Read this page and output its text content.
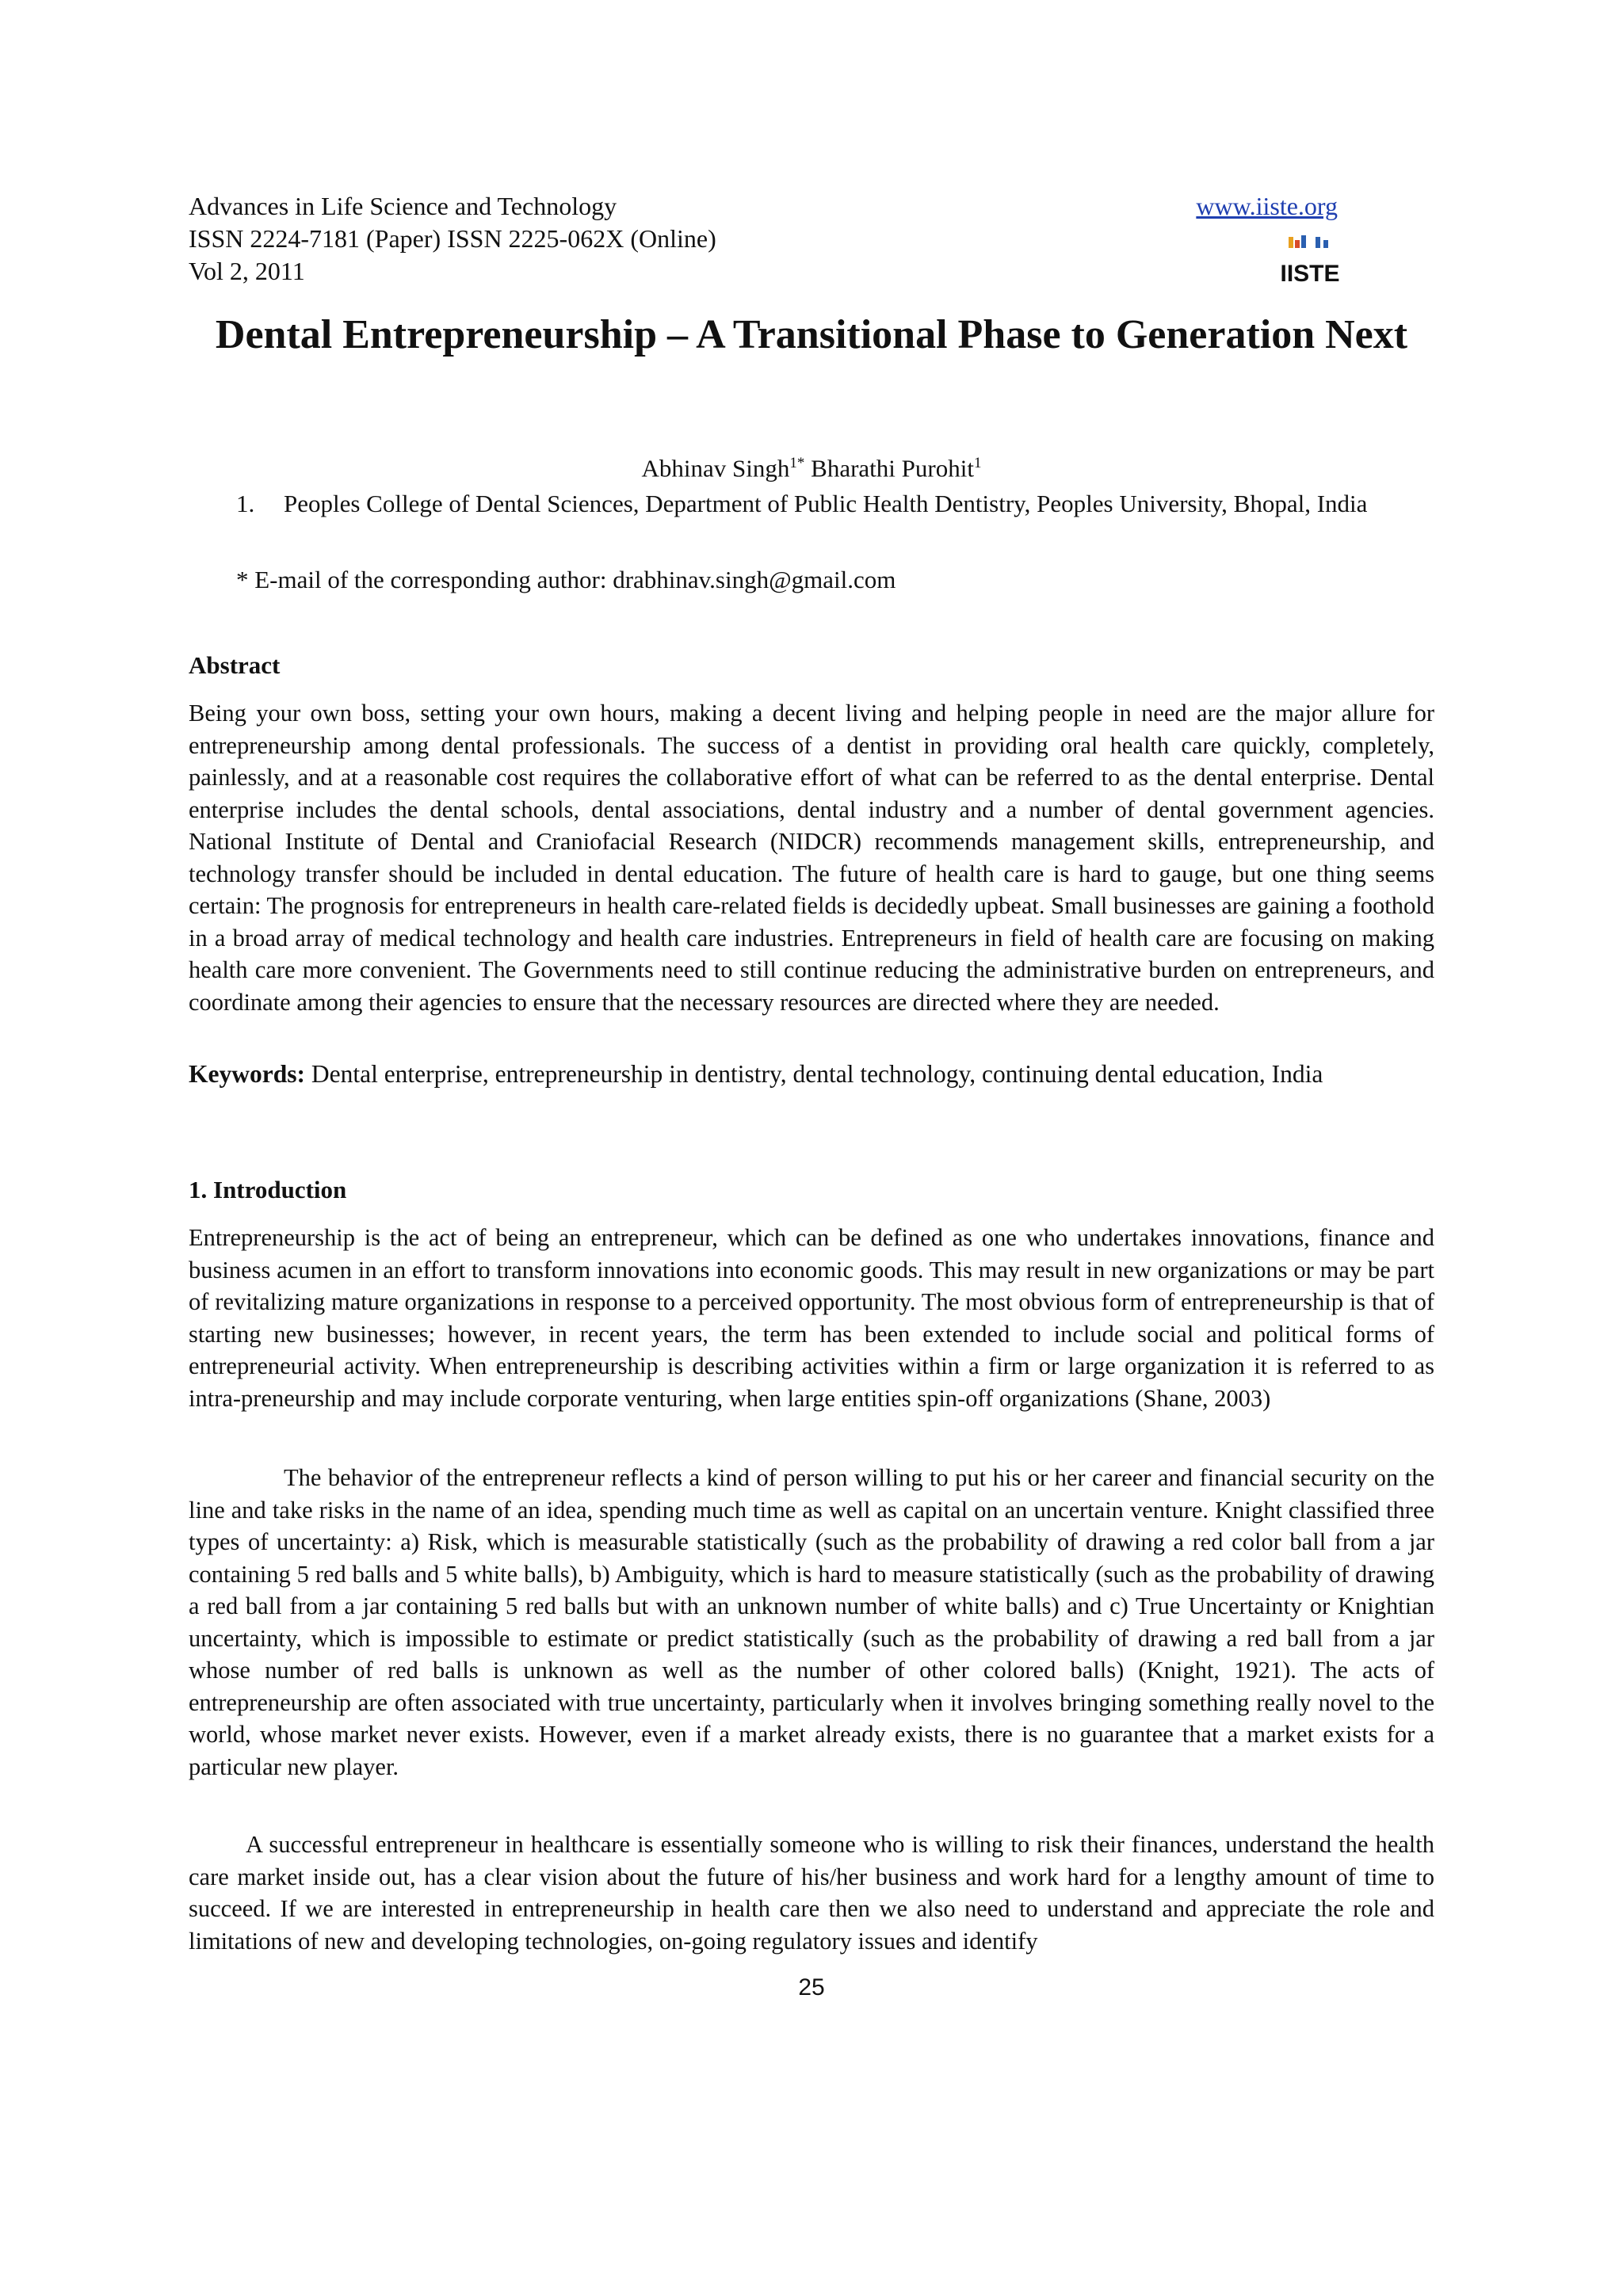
Advances in Life Science and Technology
ISSN 2224-7181 (Paper) ISSN 2225-062X (Online)
Vol 2, 2011
www.iiste.org
IISTE
Dental Entrepreneurship – A Transitional Phase to Generation Next
Abhinav Singh$^{1*}$ Bharathi Purohit$^1$
1. Peoples College of Dental Sciences, Department of Public Health Dentistry, Peoples University, Bhopal, India
* E-mail of the corresponding author: drabhinav.singh@gmail.com
Abstract
Being your own boss, setting your own hours, making a decent living and helping people in need are the major allure for entrepreneurship among dental professionals. The success of a dentist in providing oral health care quickly, completely, painlessly, and at a reasonable cost requires the collaborative effort of what can be referred to as the dental enterprise. Dental enterprise includes the dental schools, dental associations, dental industry and a number of dental government agencies. National Institute of Dental and Craniofacial Research (NIDCR) recommends management skills, entrepreneurship, and technology transfer should be included in dental education. The future of health care is hard to gauge, but one thing seems certain: The prognosis for entrepreneurs in health care-related fields is decidedly upbeat. Small businesses are gaining a foothold in a broad array of medical technology and health care industries. Entrepreneurs in field of health care are focusing on making health care more convenient. The Governments need to still continue reducing the administrative burden on entrepreneurs, and coordinate among their agencies to ensure that the necessary resources are directed where they are needed.
Keywords: Dental enterprise, entrepreneurship in dentistry, dental technology, continuing dental education, India
1. Introduction
Entrepreneurship is the act of being an entrepreneur, which can be defined as one who undertakes innovations, finance and business acumen in an effort to transform innovations into economic goods. This may result in new organizations or may be part of revitalizing mature organizations in response to a perceived opportunity. The most obvious form of entrepreneurship is that of starting new businesses; however, in recent years, the term has been extended to include social and political forms of entrepreneurial activity. When entrepreneurship is describing activities within a firm or large organization it is referred to as intra-preneurship and may include corporate venturing, when large entities spin-off organizations (Shane, 2003)
The behavior of the entrepreneur reflects a kind of person willing to put his or her career and financial security on the line and take risks in the name of an idea, spending much time as well as capital on an uncertain venture. Knight classified three types of uncertainty: a) Risk, which is measurable statistically (such as the probability of drawing a red color ball from a jar containing 5 red balls and 5 white balls), b) Ambiguity, which is hard to measure statistically (such as the probability of drawing a red ball from a jar containing 5 red balls but with an unknown number of white balls) and c) True Uncertainty or Knightian uncertainty, which is impossible to estimate or predict statistically (such as the probability of drawing a red ball from a jar whose number of red balls is unknown as well as the number of other colored balls) (Knight, 1921). The acts of entrepreneurship are often associated with true uncertainty, particularly when it involves bringing something really novel to the world, whose market never exists. However, even if a market already exists, there is no guarantee that a market exists for a particular new player.
A successful entrepreneur in healthcare is essentially someone who is willing to risk their finances, understand the health care market inside out, has a clear vision about the future of his/her business and work hard for a lengthy amount of time to succeed. If we are interested in entrepreneurship in health care then we also need to understand and appreciate the role and limitations of new and developing technologies, on-going regulatory issues and identify
25
